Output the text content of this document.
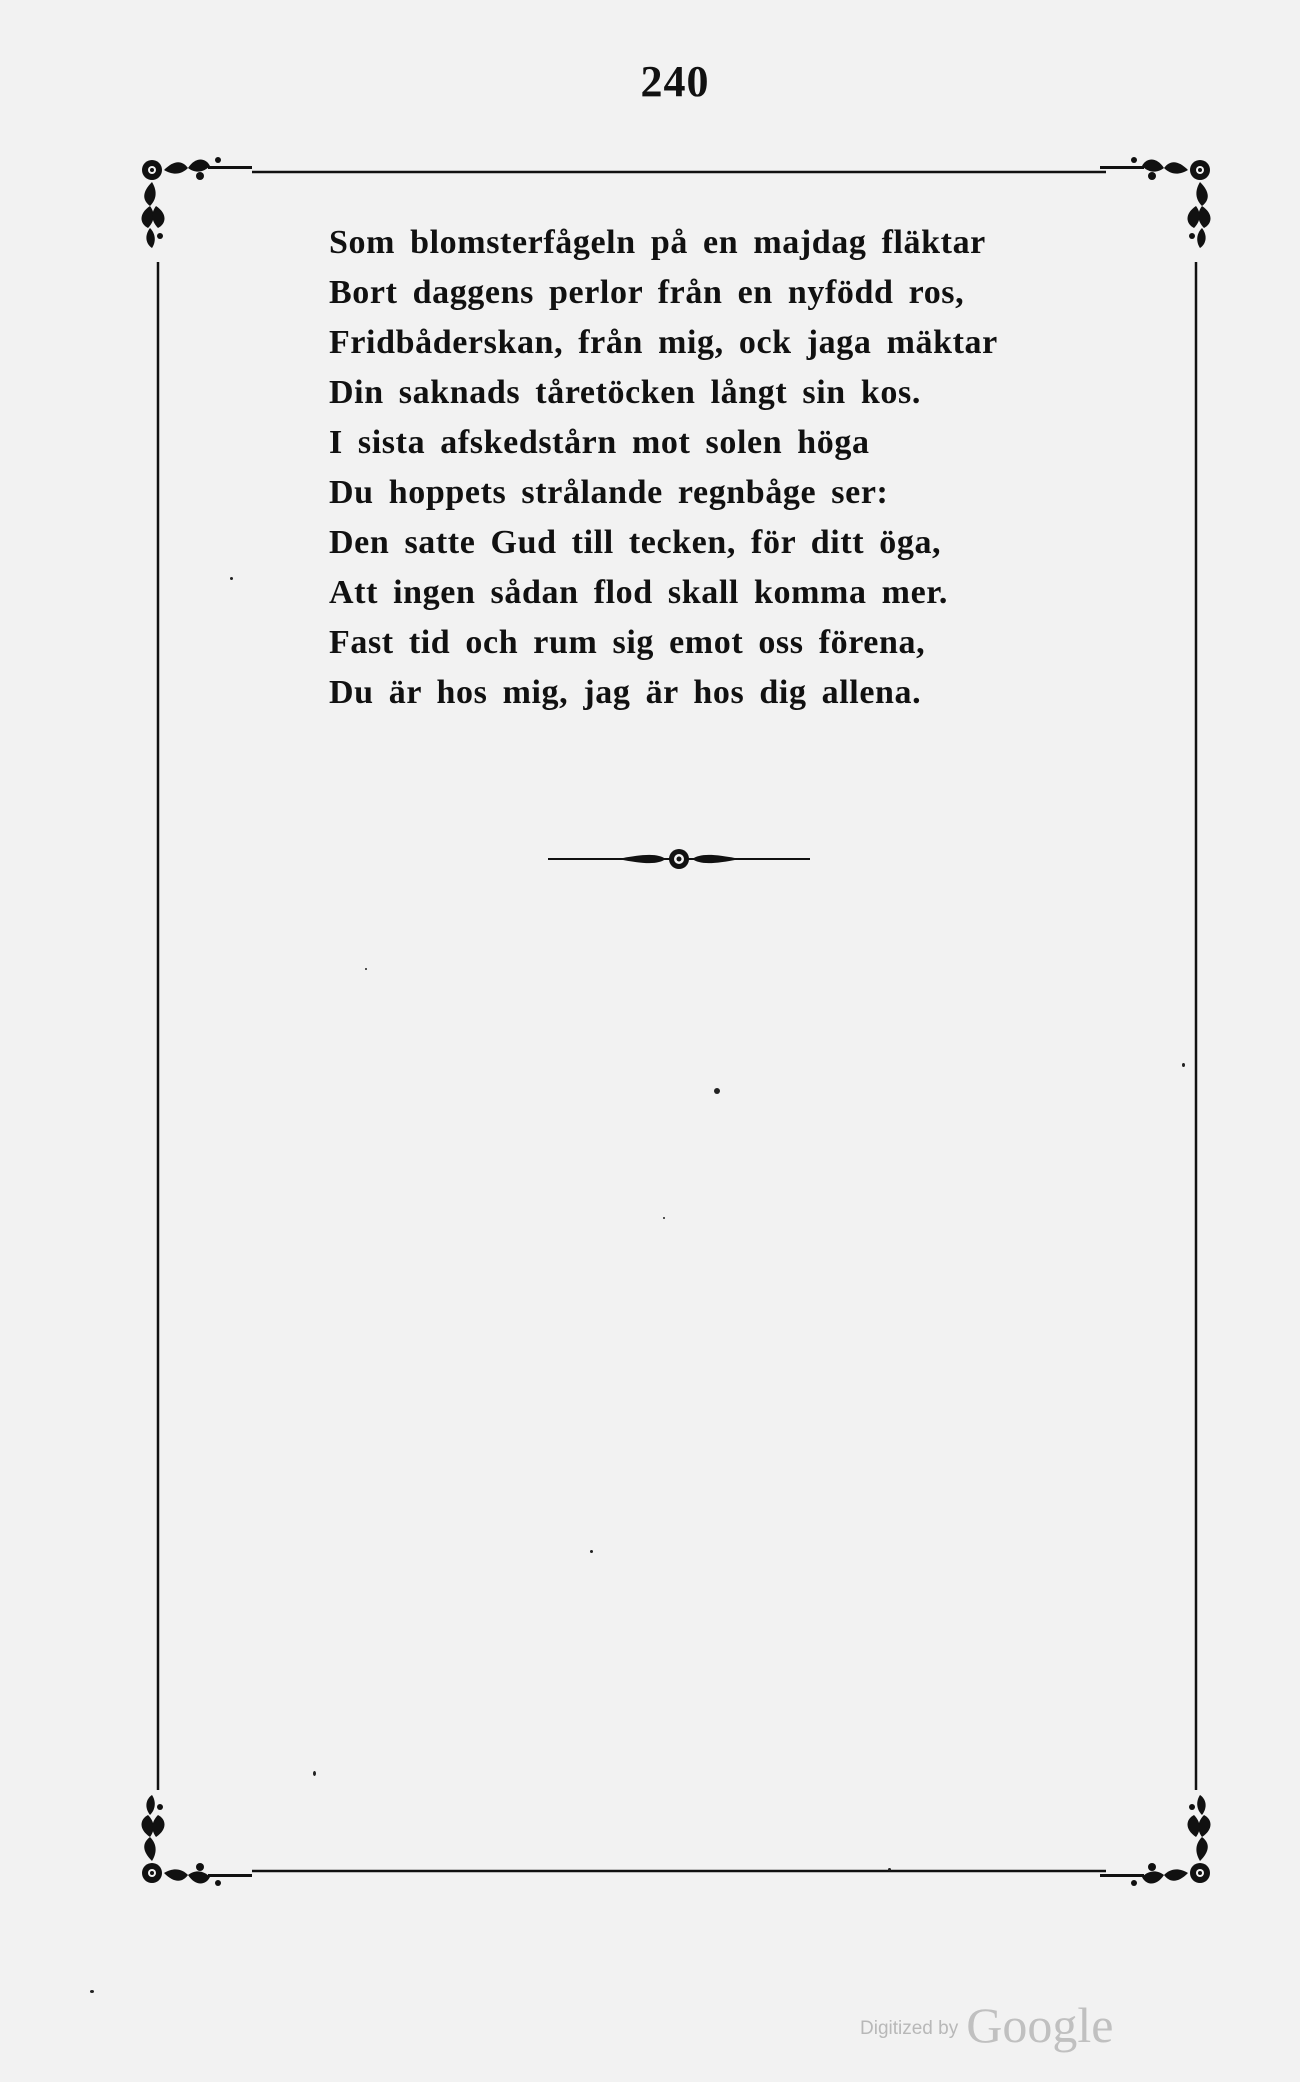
240
Som blomsterfågeln på en majdag fläktar
Bort daggens perlor från en nyfödd ros,
Fridbåderskan, från mig, ock jaga mäktar
Din saknads tåretöcken långt sin kos.
I sista afskedstårn mot solen höga
Du hoppets strålande regnbåge ser:
Den satte Gud till tecken, för ditt öga,
Att ingen sådan flod skall komma mer.
Fast tid och rum sig emot oss förena,
Du är hos mig, jag är hos dig allena.
Digitized by Google
